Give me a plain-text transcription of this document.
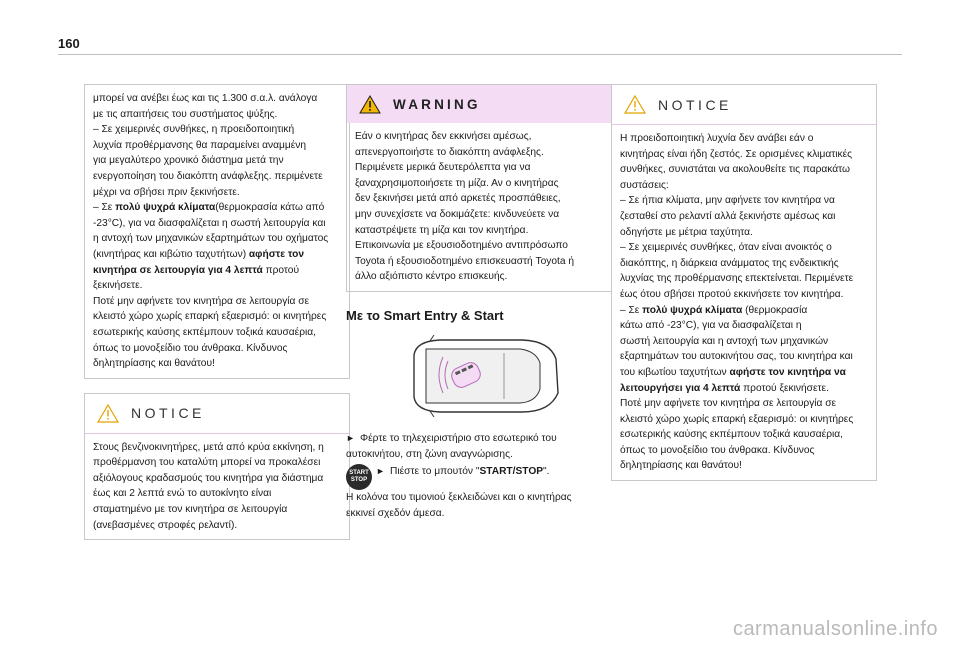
160
μπορεί να ανέβει έως και τις 1.300 σ.α.λ. ανάλογα
με τις απαιτήσεις του συστήματος ψύξης.
– Σε χειμερινές συνθήκες, η προειδοποιητική
λυχνία προθέρμανσης θα παραμείνει αναμμένη
για μεγαλύτερο χρονικό διάστημα μετά την
ενεργοποίηση του διακόπτη ανάφλεξης. περιμένετε
μέχρι να σβήσει πριν ξεκινήσετε.
– Σε πολύ ψυχρά κλίματα(θερμοκρασία κάτω από
-23°C), για να διασφαλίζεται η σωστή λειτουργία και
η αντοχή των μηχανικών εξαρτημάτων του οχήματος
(κινητήρας και κιβώτιο ταχυτήτων) αφήστε τον
κινητήρα σε λειτουργία για 4 λεπτά προτού
ξεκινήσετε.
Ποτέ μην αφήνετε τον κινητήρα σε λειτουργία σε
κλειστό χώρο χωρίς επαρκή εξαερισμό: οι κινητήρες
εσωτερικής καύσης εκπέμπουν τοξικά καυσαέρια,
όπως το μονοξείδιο του άνθρακα. Κίνδυνος
δηλητηρίασης και θανάτου!
NOTICE
Στους βενζινοκινητήρες, μετά από κρύα εκκίνηση, η
προθέρμανση του καταλύτη μπορεί να προκαλέσει
αξιόλογους κραδασμούς του κινητήρα για διάστημα
έως και 2 λεπτά ενώ το αυτοκίνητο είναι
σταματημένο με τον κινητήρα σε λειτουργία
(ανεβασμένες στροφές ρελαντί).
WARNING
Εάν ο κινητήρας δεν εκκινήσει αμέσως,
απενεργοποιήστε το διακόπτη ανάφλεξης.
Περιμένετε μερικά δευτερόλεπτα για να
ξαναχρησιμοποιήσετε τη μίζα. Αν ο κινητήρας
δεν ξεκινήσει μετά από αρκετές προσπάθειες,
μην συνεχίσετε να δοκιμάζετε: κινδυνεύετε να
καταστρέψετε τη μίζα και τον κινητήρα.
Επικοινωνία με εξουσιοδοτημένο αντιπρόσωπο
Toyota ή εξουσιοδοτημένο επισκευαστή Toyota ή
άλλο αξιόπιστο κέντρο επισκευής.
Με το Smart Entry & Start
► Φέρτε το τηλεχειριστήριο στο εσωτερικό του
αυτοκινήτου, στη ζώνη αναγνώρισης.
START
STOP
► Πιέστε το μπουτόν "START/STOP".
Η κολόνα του τιμονιού ξεκλειδώνει και ο κινητήρας
εκκινεί σχεδόν άμεσα.
NOTICE
Η προειδοποιητική λυχνία δεν ανάβει εάν ο
κινητήρας είναι ήδη ζεστός. Σε ορισμένες κλιματικές
συνθήκες, συνιστάται να ακολουθείτε τις παρακάτω
συστάσεις:
– Σε ήπια κλίματα, μην αφήνετε τον κινητήρα να
ζεσταθεί στο ρελαντί αλλά ξεκινήστε αμέσως και
οδηγήστε με μέτρια ταχύτητα.
– Σε χειμερινές συνθήκες, όταν είναι ανοικτός ο
διακόπτης, η διάρκεια ανάμματος της ενδεικτικής
λυχνίας της προθέρμανσης επεκτείνεται. Περιμένετε
έως ότου σβήσει προτού εκκινήσετε τον κινητήρα.
– Σε πολύ ψυχρά κλίματα (θερμοκρασία
κάτω από -23°C), για να διασφαλίζεται η
σωστή λειτουργία και η αντοχή των μηχανικών
εξαρτημάτων του αυτοκινήτου σας, του κινητήρα και
του κιβωτίου ταχυτήτων αφήστε τον κινητήρα να
λειτουργήσει για 4 λεπτά προτού ξεκινήσετε.
Ποτέ μην αφήνετε τον κινητήρα σε λειτουργία σε
κλειστό χώρο χωρίς επαρκή εξαερισμό: οι κινητήρες
εσωτερικής καύσης εκπέμπουν τοξικά καυσαέρια,
όπως το μονοξείδιο του άνθρακα. Κίνδυνος
δηλητηρίασης και θανάτου!
carmanualsonline.info
